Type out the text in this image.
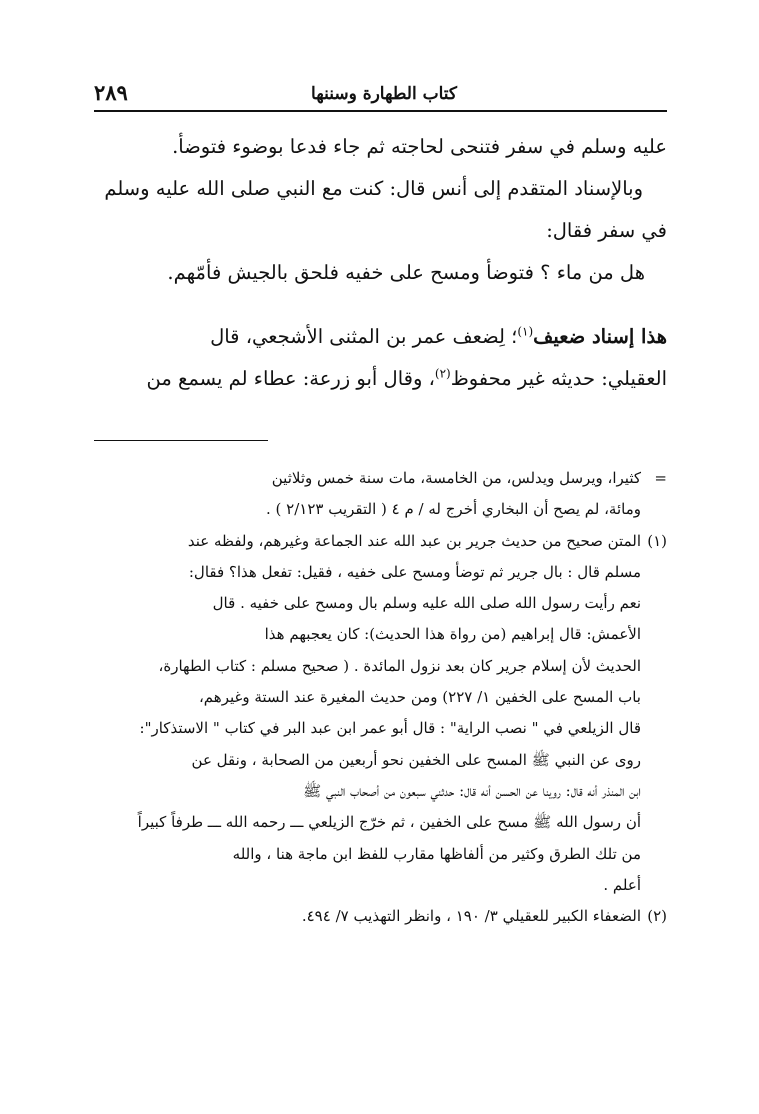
كتاب الطهارة وسننها
٢٨٩

عليه وسلم في سفر فتنحى لحاجته ثم جاء فدعا بوضوء فتوضأ.

وبالإسناد المتقدم إلى أنس قال: كنت مع النبي صلى الله عليه وسلم

في سفر فقال:

هل من ماء ؟ فتوضأ ومسح على خفيه فلحق بالجيش فأمّهم.

هذا إسناد ضعيف$^{(١)}$؛ لِضعف عمر بن المثنى الأشجعي، قال

العقيلي: حديثه غير محفوظ$^{(٢)}$، وقال أبو زرعة: عطاء لم يسمع من

=كثيرا، ويرسل ويدلس، من الخامسة، مات سنة خمس وثلاثين

ومائة، لم يصح أن البخاري أخرج له / م ٤ ( التقريب ٢/١٢٣ ) .

(١)المتن صحيح من حديث جرير بن عبد الله عند الجماعة وغيرهم، ولفظه عند

مسلم قال : بال جرير ثم توضأ ومسح على خفيه ، فقيل: تفعل هذا؟ فقال:

نعم رأيت رسول الله صلى الله عليه وسلم بال ومسح على خفيه . قال

الأعمش: قال إبراهيم (من رواة هذا الحديث): كان يعجبهم هذا

الحديث لأن إسلام جرير كان بعد نزول المائدة . ( صحيح مسلم : كتاب الطهارة،

باب المسح على الخفين ١/ ٢٢٧) ومن حديث المغيرة عند الستة وغيرهم،

قال الزيلعي في " نصب الراية" : قال أبو عمر ابن عبد البر في كتاب " الاستذكار":

روى عن النبي ﷺ المسح على الخفين نحو أربعين من الصحابة ، ونقل عن

ابن المنذر أنه قال: روينا عن الحسن أنه قال: حدثني سبعون من أصحاب النبي ﷺ

أن رسول الله ﷺ مسح على الخفين ، ثم خرّج الزيلعي ـــ رحمه الله ـــ طرفاً كبيراً

من تلك الطرق وكثير من ألفاظها مقارب للفظ ابن ماجة هنا ، والله

أعلم .

(٢)الضعفاء الكبير للعقيلي ٣/ ١٩٠ ، وانظر التهذيب ٧/ ٤٩٤.
